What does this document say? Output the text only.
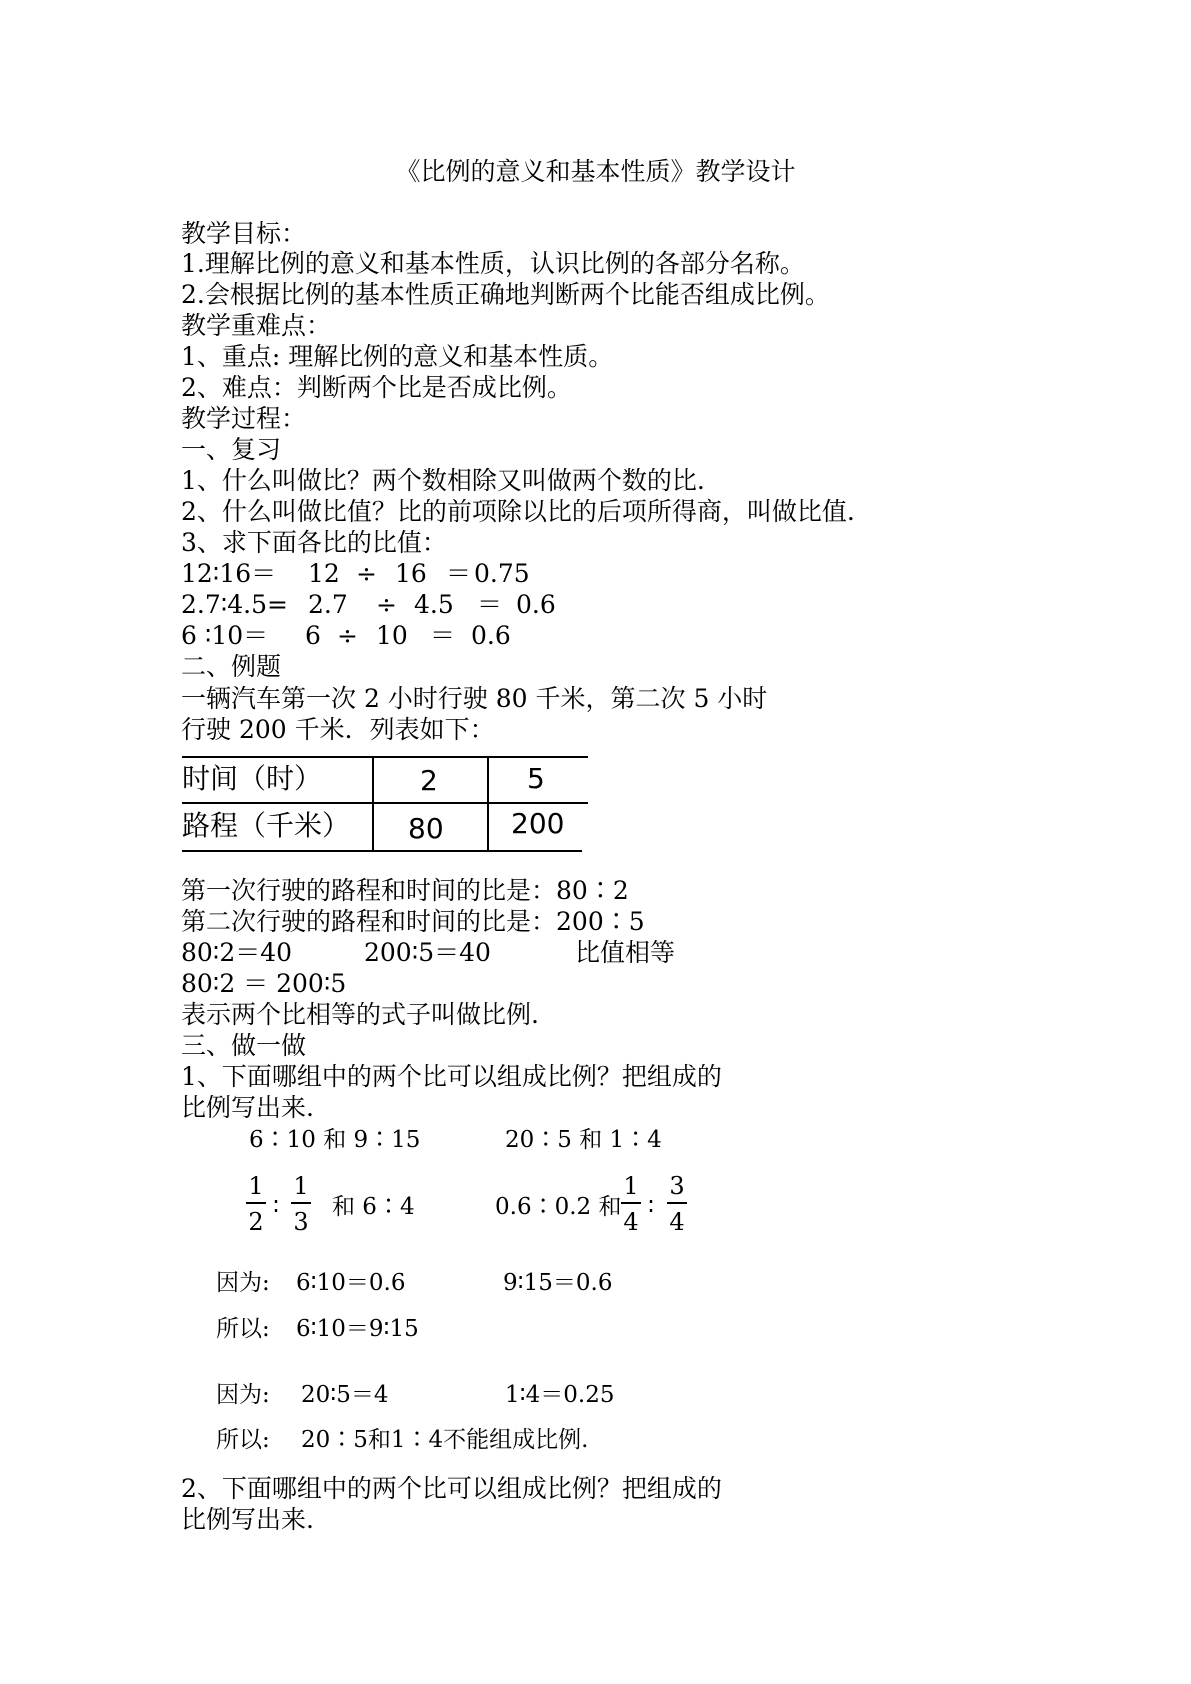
《比例的意义和基本性质》教学设计
教学目标：
1.理解比例的意义和基本性质，认识比例的各部分名称。
2.会根据比例的基本性质正确地判断两个比能否组成比例。
教学重难点：
1、重点: 理解比例的意义和基本性质。
2、难点：判断两个比是否成比例。
教学过程：
一、复习
1、什么叫做比？两个数相除又叫做两个数的比.
2、什么叫做比值？比的前项除以比的后项所得商，叫做比值.
3、求下面各比的比值：
12∶16＝ 12 ÷ 16 ＝ 0.75
2.7∶4.5= 2.7 ÷ 4.5 ＝ 0.6
6 ∶10＝ 6 ÷ 10 ＝ 0.6
二、例题
一辆汽车第一次 2 小时行驶 80 千米，第二次 5 小时
行驶 200 千米．列表如下：
时间（时）	2	5
路程（千米） 80 200
第一次行驶的路程和时间的比是：80∶2
第二次行驶的路程和时间的比是：200∶5
80∶2＝40	200∶5＝40	比值相等
80∶2 ＝ 200∶5
表示两个比相等的式子叫做比例.
三、做一做
1、下面哪组中的两个比可以组成比例？把组成的
比例写出来.
6∶10 和 9∶15	20∶5 和 1∶4
1
2
∶
1
3
和 6∶4	0.6∶0.2 和
1
4
∶
3
4
因为: 6∶10＝0.6	9∶15＝0.6
所以: 6∶10＝9∶15
因为: 20∶5＝4	1∶4＝0.25
所以: 20∶5和1∶4不能组成比例.
2、下面哪组中的两个比可以组成比例？把组成的
比例写出来.
